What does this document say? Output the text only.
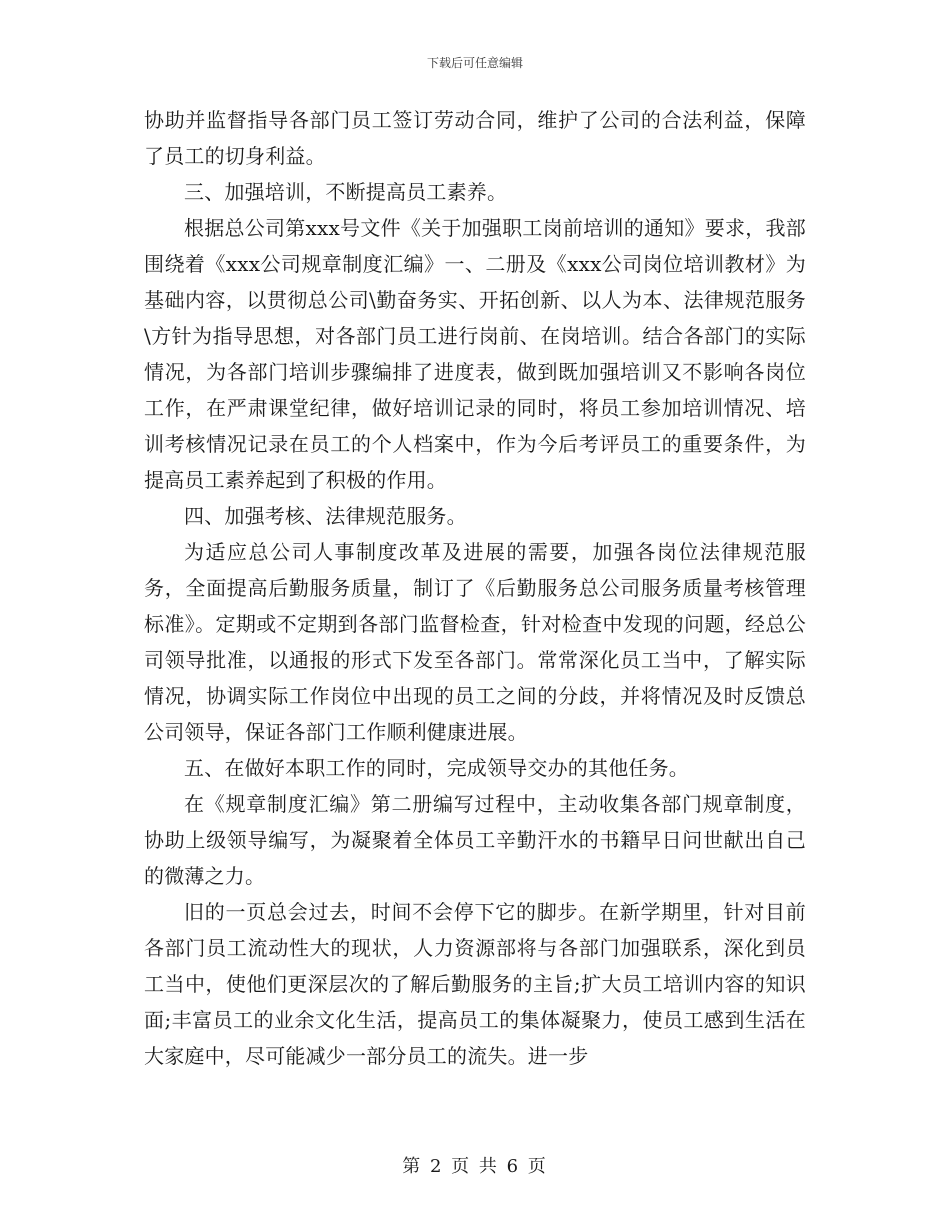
下载后可任意编辑

协助并监督指导各部门员工签订劳动合同，维护了公司的合法利益，保障了员工的切身利益。

三、加强培训，不断提高员工素养。

根据总公司第xxx号文件《关于加强职工岗前培训的通知》要求，我部围绕着《xxx公司规章制度汇编》一、二册及《xxx公司岗位培训教材》为基础内容，以贯彻总公司\勤奋务实、开拓创新、以人为本、法律规范服务\方针为指导思想，对各部门员工进行岗前、在岗培训。结合各部门的实际情况，为各部门培训步骤编排了进度表，做到既加强培训又不影响各岗位工作，在严肃课堂纪律，做好培训记录的同时，将员工参加培训情况、培训考核情况记录在员工的个人档案中，作为今后考评员工的重要条件，为提高员工素养起到了积极的作用。

四、加强考核、法律规范服务。

为适应总公司人事制度改革及进展的需要，加强各岗位法律规范服务，全面提高后勤服务质量，制订了《后勤服务总公司服务质量考核管理标准》。定期或不定期到各部门监督检查，针对检查中发现的问题，经总公司领导批准，以通报的形式下发至各部门。常常深化员工当中，了解实际情况，协调实际工作岗位中出现的员工之间的分歧，并将情况及时反馈总公司领导，保证各部门工作顺利健康进展。

五、在做好本职工作的同时，完成领导交办的其他任务。

在《规章制度汇编》第二册编写过程中，主动收集各部门规章制度，协助上级领导编写，为凝聚着全体员工辛勤汗水的书籍早日问世献出自己的微薄之力。

旧的一页总会过去，时间不会停下它的脚步。在新学期里，针对目前各部门员工流动性大的现状，人力资源部将与各部门加强联系，深化到员工当中，使他们更深层次的了解后勤服务的主旨;扩大员工培训内容的知识面;丰富员工的业余文化生活，提高员工的集体凝聚力，使员工感到生活在大家庭中，尽可能减少一部分员工的流失。进一步

第 2 页 共 6 页
